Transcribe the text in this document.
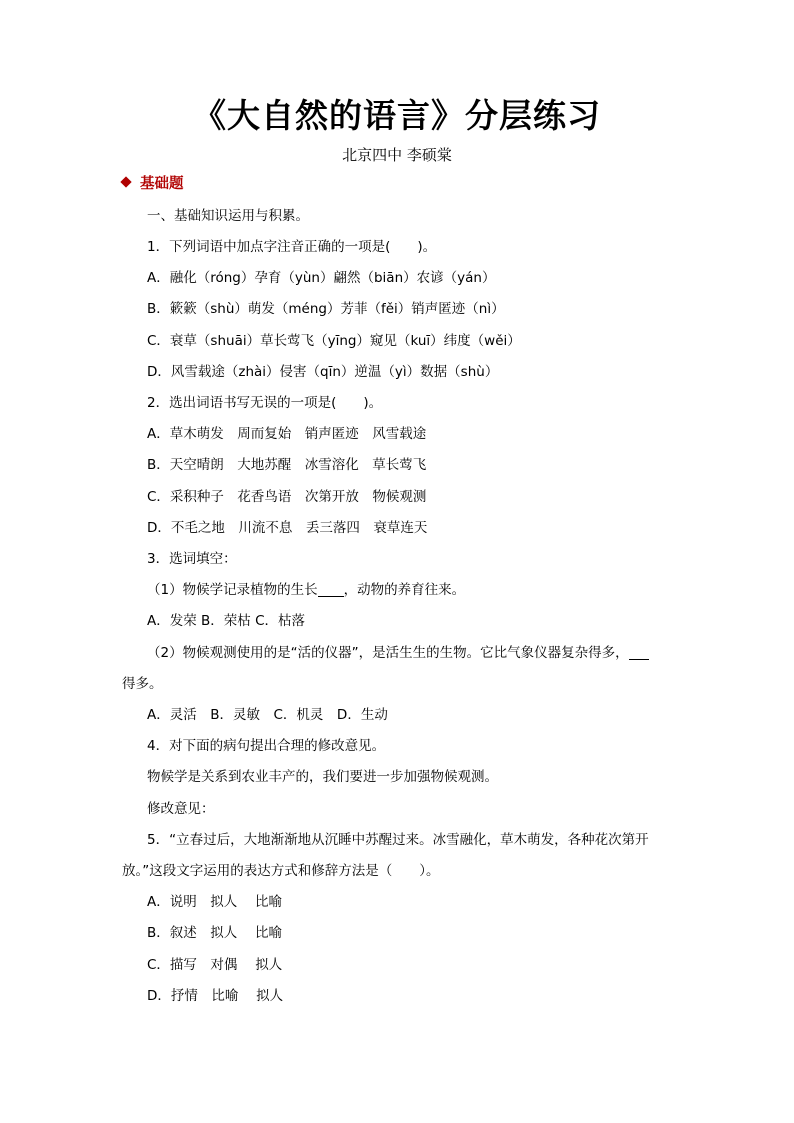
《大自然的语言》分层练习
北京四中 李硕棠
基础题
一、基础知识运用与积累。
1．下列词语中加点字注音正确的一项是(　　)。
A．融化（róng）孕育（yùn）翩然（biān）农谚（yán）
B．簌簌（shù）萌发（méng）芳菲（fěi）销声匿迹（nì）
C．衰草（shuāi）草长莺飞（yīng）窥见（kuī）纬度（wěi）
D．风雪载途（zhài）侵害（qīn）逆温（yì）数据（shù）
2．选出词语书写无误的一项是(　　)。
A．草木萌发　周而复始　销声匿迹　风雪载途
B．天空晴朗　大地苏醒　冰雪溶化　草长莺飞
C．采积种子　花香鸟语　次第开放　物候观测
D．不毛之地　川流不息　丢三落四　衰草连天
3．选词填空：
（1）物候学记录植物的生长 ，动物的养育往来。
A．发荣 B．荣枯 C．枯落
（2）物候观测使用的是“活的仪器”，是活生生的生物。它比气象仪器复杂得多，
得多。
A．灵活　B．灵敏　C．机灵　D．生动
4．对下面的病句提出合理的修改意见。
物候学是关系到农业丰产的，我们要进一步加强物候观测。
修改意见：
5．“立春过后，大地渐渐地从沉睡中苏醒过来。冰雪融化，草木萌发，各种花次第开
放。”这段文字运用的表达方式和修辞方法是（　　）。
A．说明　拟人　 比喻
B．叙述　拟人　 比喻
C．描写　对偶　 拟人
D．抒情　比喻　 拟人
